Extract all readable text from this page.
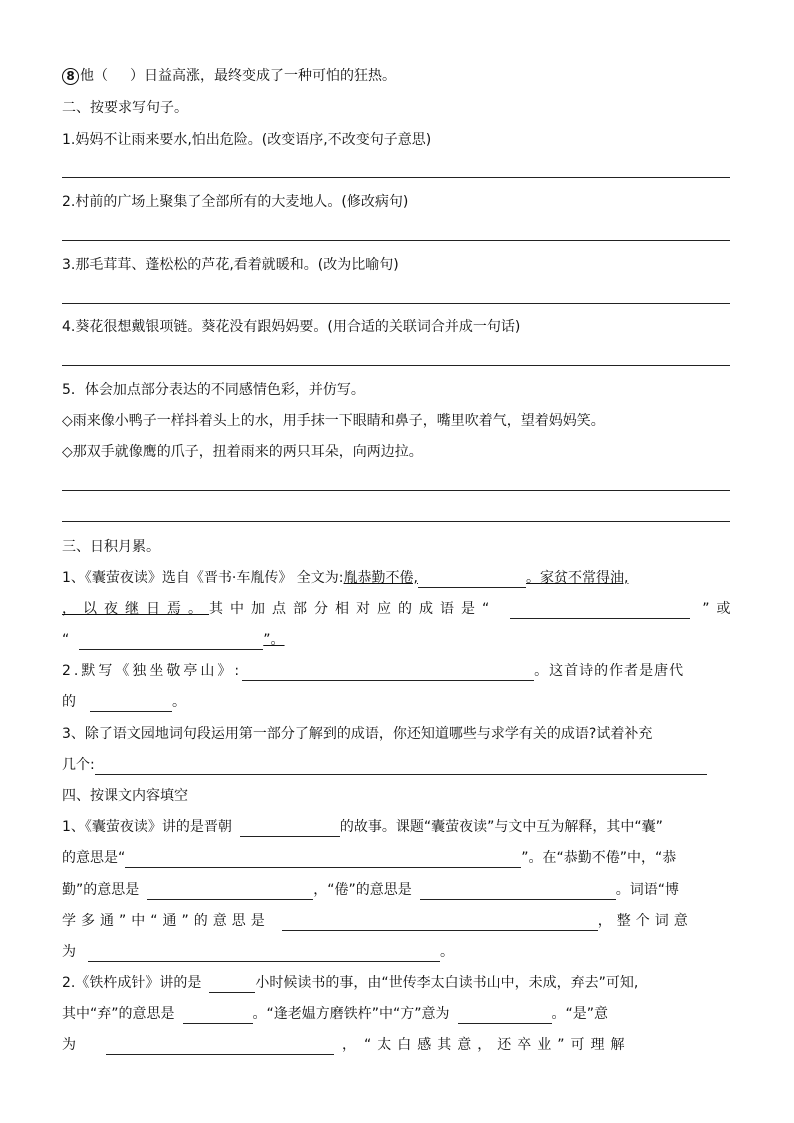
8 他（ ）日益高涨，最终变成了一种可怕的狂热。
二、按要求写句子。
1.妈妈不让雨来要水,怕出危险。(改变语序,不改变句子意思)
2.村前的广场上聚集了全部所有的大麦地人。(修改病句)
3.那毛茸茸、蓬松松的芦花,看着就暖和。(改为比喻句)
4.葵花很想戴银项链。葵花没有跟妈妈要。(用合适的关联词合并成一句话)
5．体会加点部分表达的不同感情色彩，并仿写。
◇雨来像小鸭子一样抖着头上的水，用手抹一下眼睛和鼻子，嘴里吹着气，望着妈妈笑。
◇那双手就像鹰的爪子，扭着雨来的两只耳朵，向两边拉。
三、日积月累。
1、《囊萤夜读》选自《晋书·车胤传》 全文为:胤恭勤不倦,	。家贫不常得油,
，以夜继日焉。其中加点部分相对应的成语是“	”或
“	”。
2.默写《独坐敬亭山》:	。这首诗的作者是唐代
的	。
3、除了语文园地词句段运用第一部分了解到的成语，你还知道哪些与求学有关的成语?试着补充
几个:
四、按课文内容填空
1、《囊萤夜读》讲的是晋朝	的故事。课题“囊萤夜读”与文中互为解释，其中“囊”
的意思是“	”。在“恭勤不倦”中，“恭
勤”的意思是	，“倦”的意思是	。词语“博
学多通”中“通”的意思是	，整个词意
为	。
2.《铁杵成针》讲的是	小时候读书的事，由“世传李太白读书山中，未成，弃去”可知,
其中“弃”的意思是	。“逢老媪方磨铁杵”中“方”意为	。“是”意
为	， “太白感其意，还卒业”可理解
